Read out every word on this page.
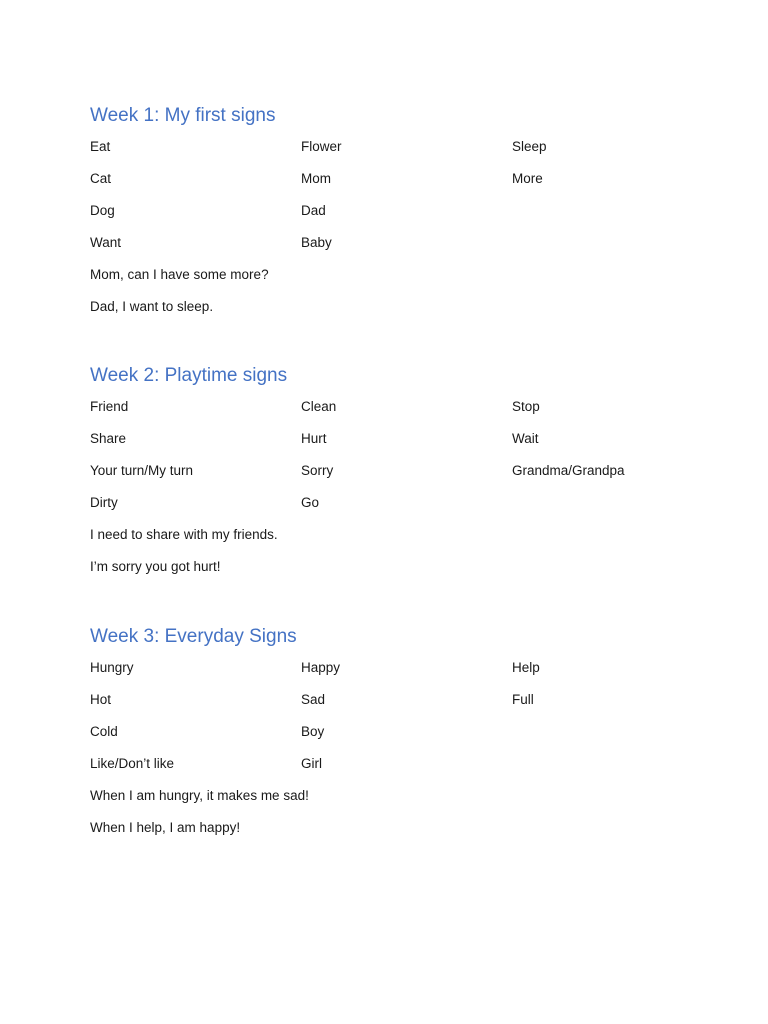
Week 1: My first signs
Eat	Flower	Sleep
Cat	Mom	More
Dog	Dad
Want	Baby
Mom, can I have some more?
Dad, I want to sleep.
Week 2: Playtime signs
Friend	Clean	Stop
Share	Hurt	Wait
Your turn/My turn	Sorry	Grandma/Grandpa
Dirty	Go
I need to share with my friends.
I’m sorry you got hurt!
Week 3: Everyday Signs
Hungry	Happy	Help
Hot	Sad	Full
Cold	Boy
Like/Don’t like	Girl
When I am hungry, it makes me sad!
When I help, I am happy!
